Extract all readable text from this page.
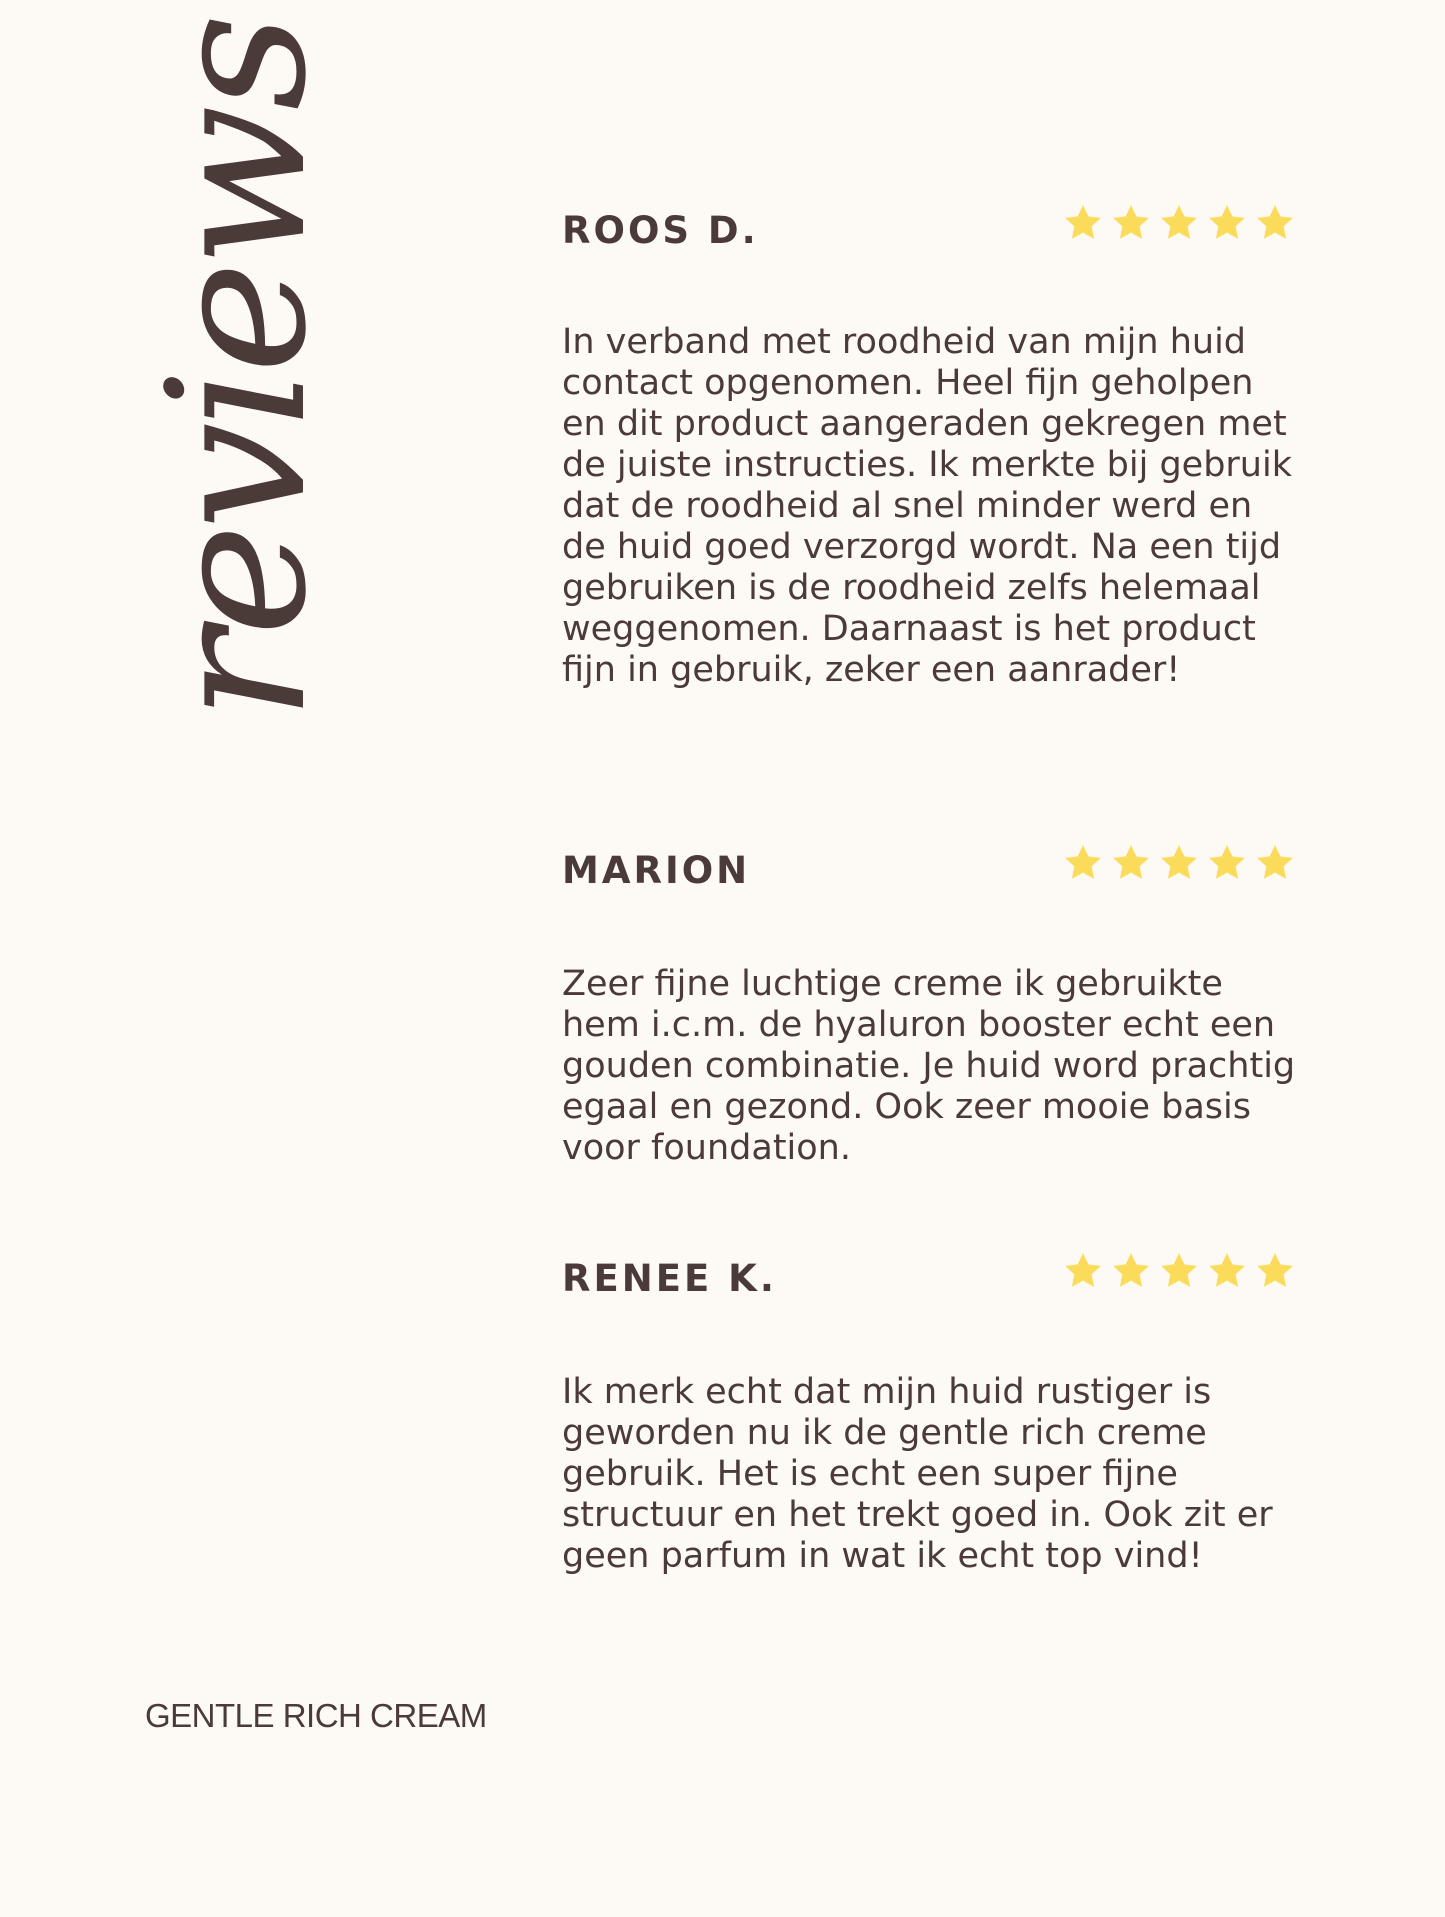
reviews	ROOS D.

In verband met roodheid van mijn huid contact opgenomen. Heel fijn geholpen en dit product aangeraden gekregen met de juiste instructies. Ik merkte bij gebruik dat de roodheid al snel minder werd en de huid goed verzorgd wordt. Na een tijd gebruiken is de roodheid zelfs helemaal weggenomen. Daarnaast is het product fijn in gebruik, zeker een aanrader!

MARION

Zeer fijne luchtige creme ik gebruikte hem i.c.m. de hyaluron booster echt een gouden combinatie. Je huid word prachtig egaal en gezond. Ook zeer mooie basis voor foundation.

RENEE K.

Ik merk echt dat mijn huid rustiger is geworden nu ik de gentle rich creme gebruik. Het is echt een super fijne structuur en het trekt goed in. Ook zit er geen parfum in wat ik echt top vind!

GENTLE RICH CREAM
